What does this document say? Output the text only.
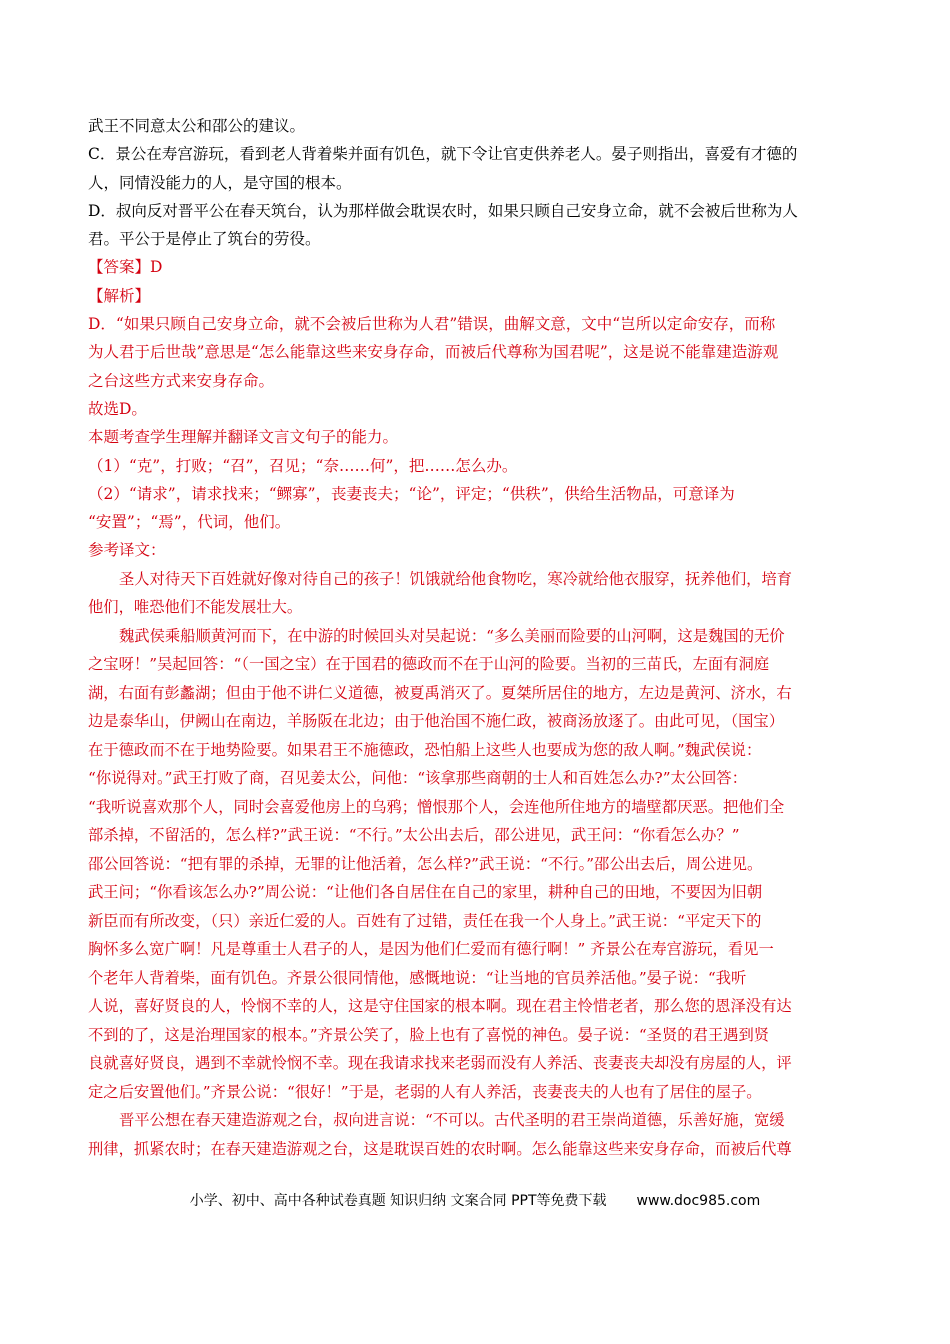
武王不同意太公和邵公的建议。
C．景公在寿宫游玩，看到老人背着柴并面有饥色，就下令让官吏供养老人。晏子则指出，喜爱有才德的
人，同情没能力的人，是守国的根本。
D．叔向反对晋平公在春天筑台，认为那样做会耽误农时，如果只顾自己安身立命，就不会被后世称为人
君。平公于是停止了筑台的劳役。
【答案】D
【解析】
D．“如果只顾自己安身立命，就不会被后世称为人君”错误，曲解文意，文中“岂所以定命安存，而称
为人君于后世哉”意思是“怎么能靠这些来安身存命，而被后代尊称为国君呢”，这是说不能靠建造游观
之台这些方式来安身存命。
故选D。
本题考查学生理解并翻译文言文句子的能力。
（1）“克”，打败；“召”，召见；“奈……何”，把……怎么办。
（2）“请求”，请求找来；“鳏寡”，丧妻丧夫；“论”，评定；“供秩”，供给生活物品，可意译为
“安置”；“焉”，代词，他们。
参考译文：
圣人对待天下百姓就好像对待自己的孩子！饥饿就给他食物吃，寒冷就给他衣服穿，抚养他们，培育
他们，唯恐他们不能发展壮大。
魏武侯乘船顺黄河而下，在中游的时候回头对吴起说：“多么美丽而险要的山河啊，这是魏国的无价
之宝呀！”吴起回答：“（一国之宝）在于国君的德政而不在于山河的险要。当初的三苗氏，左面有洞庭
湖，右面有彭蠡湖；但由于他不讲仁义道德，被夏禹消灭了。夏桀所居住的地方，左边是黄河、济水，右
边是泰华山，伊阙山在南边，羊肠阪在北边；由于他治国不施仁政，被商汤放逐了。由此可见，（国宝）
在于德政而不在于地势险要。如果君王不施德政，恐怕船上这些人也要成为您的敌人啊。”魏武侯说：
“你说得对。”武王打败了商，召见姜太公，问他：“该拿那些商朝的士人和百姓怎么办?”太公回答：
“我听说喜欢那个人，同时会喜爱他房上的乌鸦；憎恨那个人，会连他所住地方的墙壁都厌恶。把他们全
部杀掉，不留活的，怎么样?”武王说：“不行。”太公出去后，邵公进见，武王问：“你看怎么办？”
邵公回答说：“把有罪的杀掉，无罪的让他活着，怎么样?”武王说：“不行。”邵公出去后，周公进见。
武王问；“你看该怎么办?”周公说：“让他们各自居住在自己的家里，耕种自己的田地，不要因为旧朝
新臣而有所改变，（只）亲近仁爱的人。百姓有了过错，责任在我一个人身上。”武王说：“平定天下的
胸怀多么宽广啊！凡是尊重士人君子的人，是因为他们仁爱而有德行啊！” 齐景公在寿宫游玩，看见一
个老年人背着柴，面有饥色。齐景公很同情他，感慨地说：“让当地的官员养活他。”晏子说：“我听
人说，喜好贤良的人，怜悯不幸的人，这是守住国家的根本啊。现在君主怜惜老者，那么您的恩泽没有达
不到的了，这是治理国家的根本。”齐景公笑了，脸上也有了喜悦的神色。晏子说：“圣贤的君王遇到贤
良就喜好贤良，遇到不幸就怜悯不幸。现在我请求找来老弱而没有人养活、丧妻丧夫却没有房屋的人，评
定之后安置他们。”齐景公说：“很好！”于是，老弱的人有人养活，丧妻丧夫的人也有了居住的屋子。
晋平公想在春天建造游观之台，叔向进言说：“不可以。古代圣明的君王崇尚道德，乐善好施，宽缓
刑律，抓紧农时；在春天建造游观之台，这是耽误百姓的农时啊。怎么能靠这些来安身存命，而被后代尊
小学、初中、高中各种试卷真题 知识归纳 文案合同 PPT等免费下载 www.doc985.com
